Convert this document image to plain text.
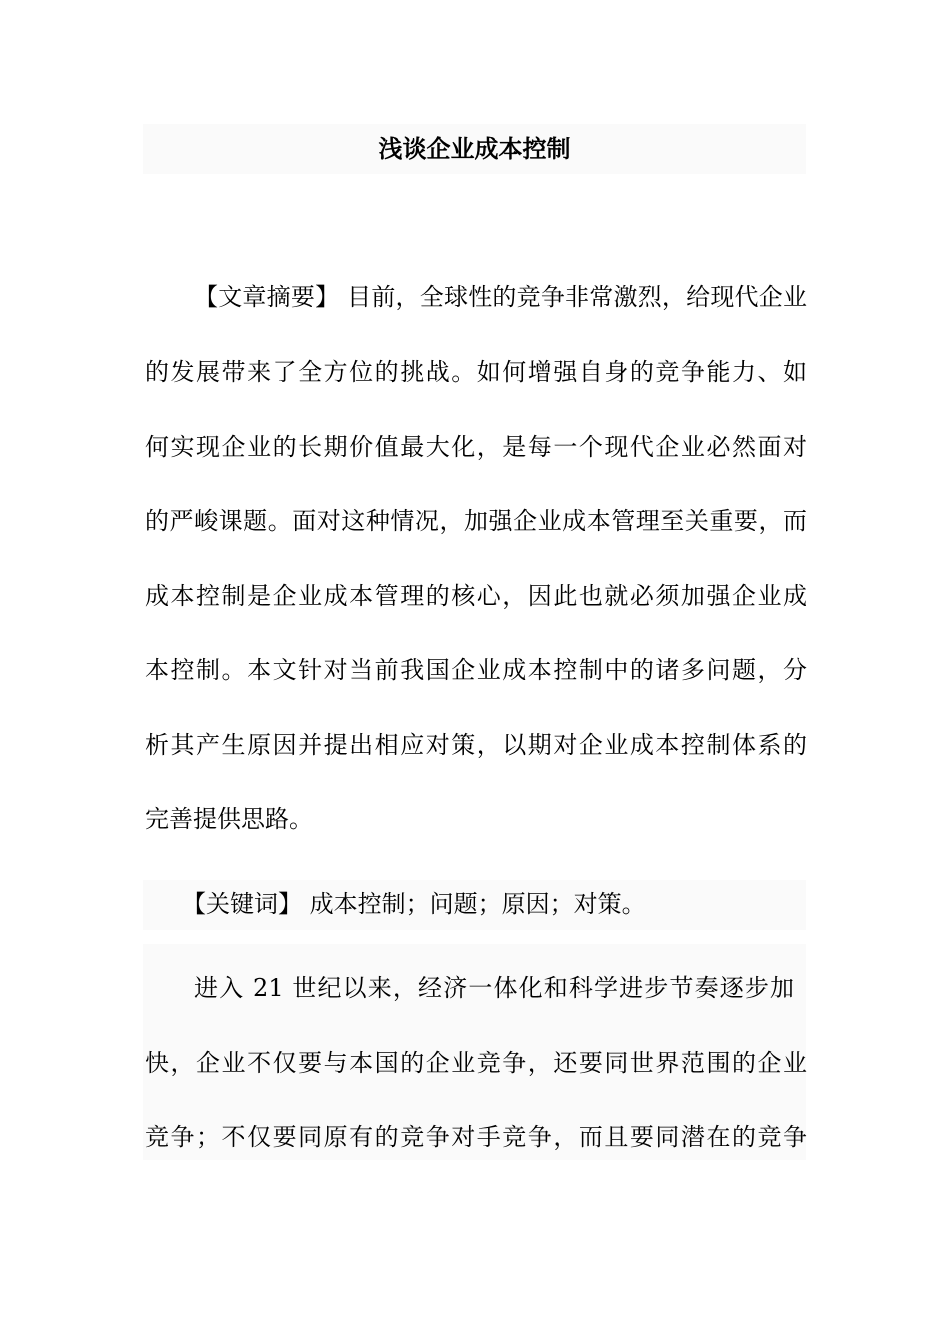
浅谈企业成本控制
【文章摘要】 目前，全球性的竞争非常激烈，给现代企业
的发展带来了全方位的挑战。如何增强自身的竞争能力、如
何实现企业的长期价值最大化，是每一个现代企业必然面对
的严峻课题。面对这种情况，加强企业成本管理至关重要，而
成本控制是企业成本管理的核心，因此也就必须加强企业成
本控制。本文针对当前我国企业成本控制中的诸多问题，分
析其产生原因并提出相应对策，以期对企业成本控制体系的
完善提供思路。
【关键词】 成本控制；问题；原因；对策。
进入 21 世纪以来，经济一体化和科学进步节奏逐步加
快，企业不仅要与本国的企业竞争，还要同世界范围的企业
竞争；不仅要同原有的竞争对手竞争，而且要同潜在的竞争
